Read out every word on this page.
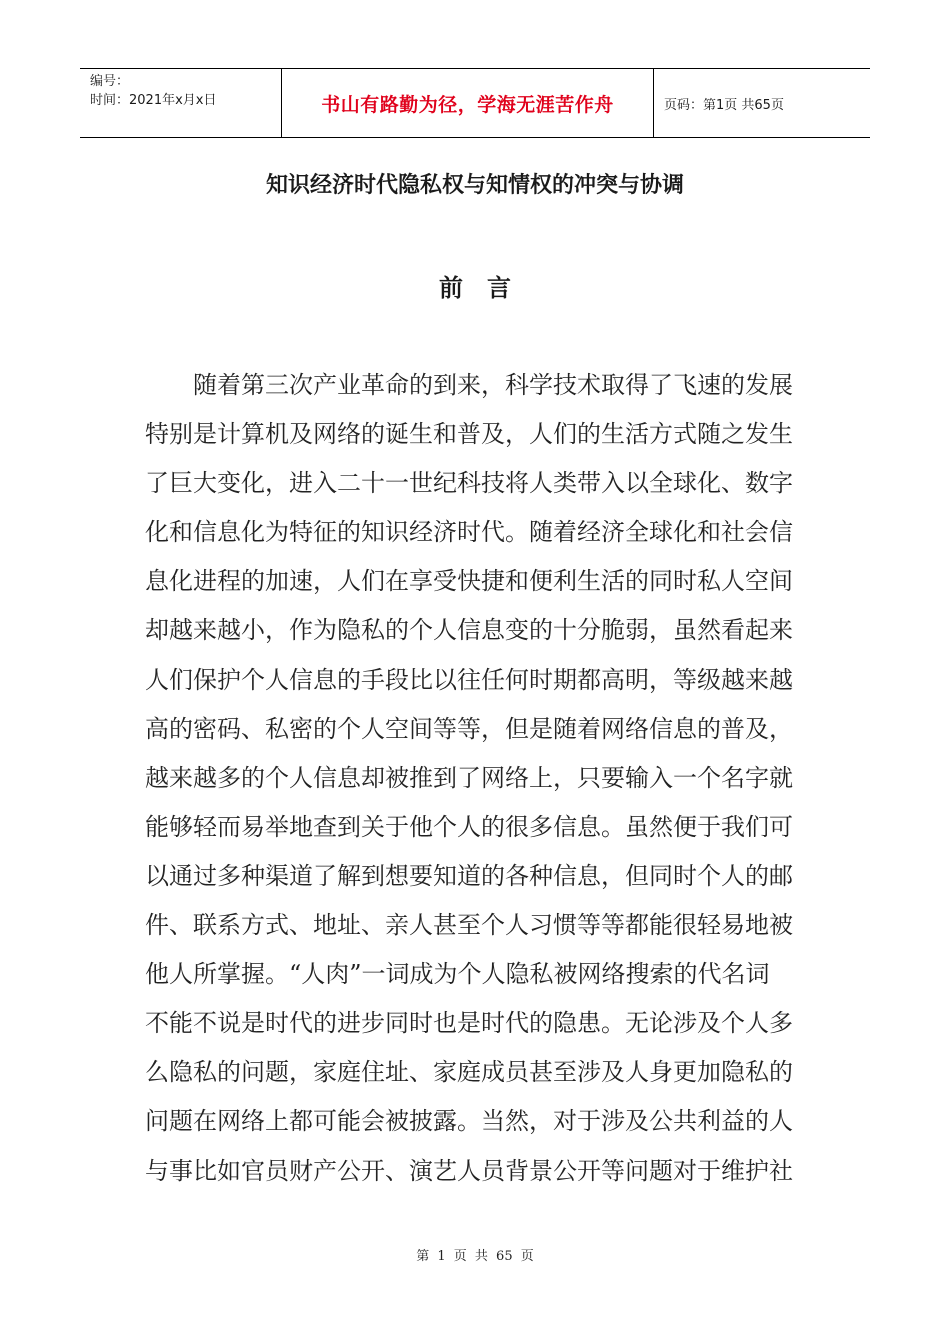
编号：
时间：2021年x月x日	书山有路勤为径，学海无涯苦作舟	页码：第1页 共65页
知识经济时代隐私权与知情权的冲突与协调
前言
随着第三次产业革命的到来，科学技术取得了飞速的发展
特别是计算机及网络的诞生和普及，人们的生活方式随之发生
了巨大变化，进入二十一世纪科技将人类带入以全球化、数字
化和信息化为特征的知识经济时代。随着经济全球化和社会信
息化进程的加速，人们在享受快捷和便利生活的同时私人空间
却越来越小，作为隐私的个人信息变的十分脆弱，虽然看起来
人们保护个人信息的手段比以往任何时期都高明，等级越来越
高的密码、私密的个人空间等等，但是随着网络信息的普及，
越来越多的个人信息却被推到了网络上，只要输入一个名字就
能够轻而易举地查到关于他个人的很多信息。虽然便于我们可
以通过多种渠道了解到想要知道的各种信息，但同时个人的邮
件、联系方式、地址、亲人甚至个人习惯等等都能很轻易地被
他人所掌握。“人肉”一词成为个人隐私被网络搜索的代名词
不能不说是时代的进步同时也是时代的隐患。无论涉及个人多
么隐私的问题，家庭住址、家庭成员甚至涉及人身更加隐私的
问题在网络上都可能会被披露。当然，对于涉及公共利益的人
与事比如官员财产公开、演艺人员背景公开等问题对于维护社
第 1 页 共 65 页
